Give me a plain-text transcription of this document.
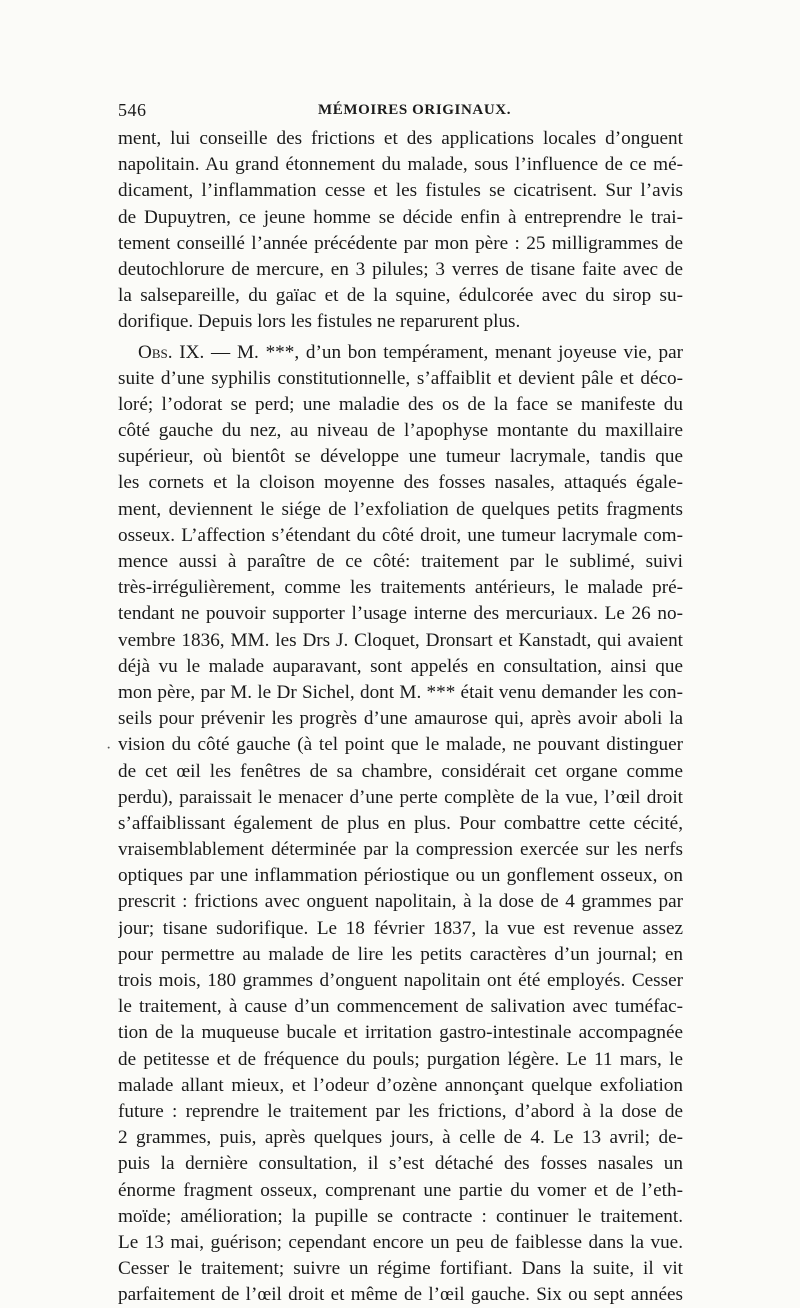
546	MÉMOIRES ORIGINAUX.
·
ment, lui conseille des frictions et des applications locales d’onguent
napolitain. Au grand étonnement du malade, sous l’influence de ce mé-
dicament, l’inflammation cesse et les fistules se cicatrisent. Sur l’avis
de Dupuytren, ce jeune homme se décide enfin à entreprendre le trai-
tement conseillé l’année précédente par mon père : 25 milligrammes de
deutochlorure de mercure, en 3 pilules; 3 verres de tisane faite avec de
la salsepareille, du gaïac et de la squine, édulcorée avec du sirop su-
dorifique. Depuis lors les fistules ne reparurent plus.
Obs. IX. — M. ***, d’un bon tempérament, menant joyeuse vie, par
suite d’une syphilis constitutionnelle, s’affaiblit et devient pâle et déco-
loré; l’odorat se perd; une maladie des os de la face se manifeste du
côté gauche du nez, au niveau de l’apophyse montante du maxillaire
supérieur, où bientôt se développe une tumeur lacrymale, tandis que
les cornets et la cloison moyenne des fosses nasales, attaqués égale-
ment, deviennent le siége de l’exfoliation de quelques petits fragments
osseux. L’affection s’étendant du côté droit, une tumeur lacrymale com-
mence aussi à paraître de ce côté: traitement par le sublimé, suivi
très-irrégulièrement, comme les traitements antérieurs, le malade pré-
tendant ne pouvoir supporter l’usage interne des mercuriaux. Le 26 no-
vembre 1836, MM. les Drs J. Cloquet, Dronsart et Kanstadt, qui avaient
déjà vu le malade auparavant, sont appelés en consultation, ainsi que
mon père, par M. le Dr Sichel, dont M. *** était venu demander les con-
seils pour prévenir les progrès d’une amaurose qui, après avoir aboli la
vision du côté gauche (à tel point que le malade, ne pouvant distinguer
de cet œil les fenêtres de sa chambre, considérait cet organe comme
perdu), paraissait le menacer d’une perte complète de la vue, l’œil droit
s’affaiblissant également de plus en plus. Pour combattre cette cécité,
vraisemblablement déterminée par la compression exercée sur les nerfs
optiques par une inflammation périostique ou un gonflement osseux, on
prescrit : frictions avec onguent napolitain, à la dose de 4 grammes par
jour; tisane sudorifique. Le 18 février 1837, la vue est revenue assez
pour permettre au malade de lire les petits caractères d’un journal; en
trois mois, 180 grammes d’onguent napolitain ont été employés. Cesser
le traitement, à cause d’un commencement de salivation avec tuméfac-
tion de la muqueuse bucale et irritation gastro-intestinale accompagnée
de petitesse et de fréquence du pouls; purgation légère. Le 11 mars, le
malade allant mieux, et l’odeur d’ozène annonçant quelque exfoliation
future : reprendre le traitement par les frictions, d’abord à la dose de
2 grammes, puis, après quelques jours, à celle de 4. Le 13 avril; de-
puis la dernière consultation, il s’est détaché des fosses nasales un
énorme fragment osseux, comprenant une partie du vomer et de l’eth-
moïde; amélioration; la pupille se contracte : continuer le traitement.
Le 13 mai, guérison; cependant encore un peu de faiblesse dans la vue.
Cesser le traitement; suivre un régime fortifiant. Dans la suite, il vit
parfaitement de l’œil droit et même de l’œil gauche. Six ou sept années
